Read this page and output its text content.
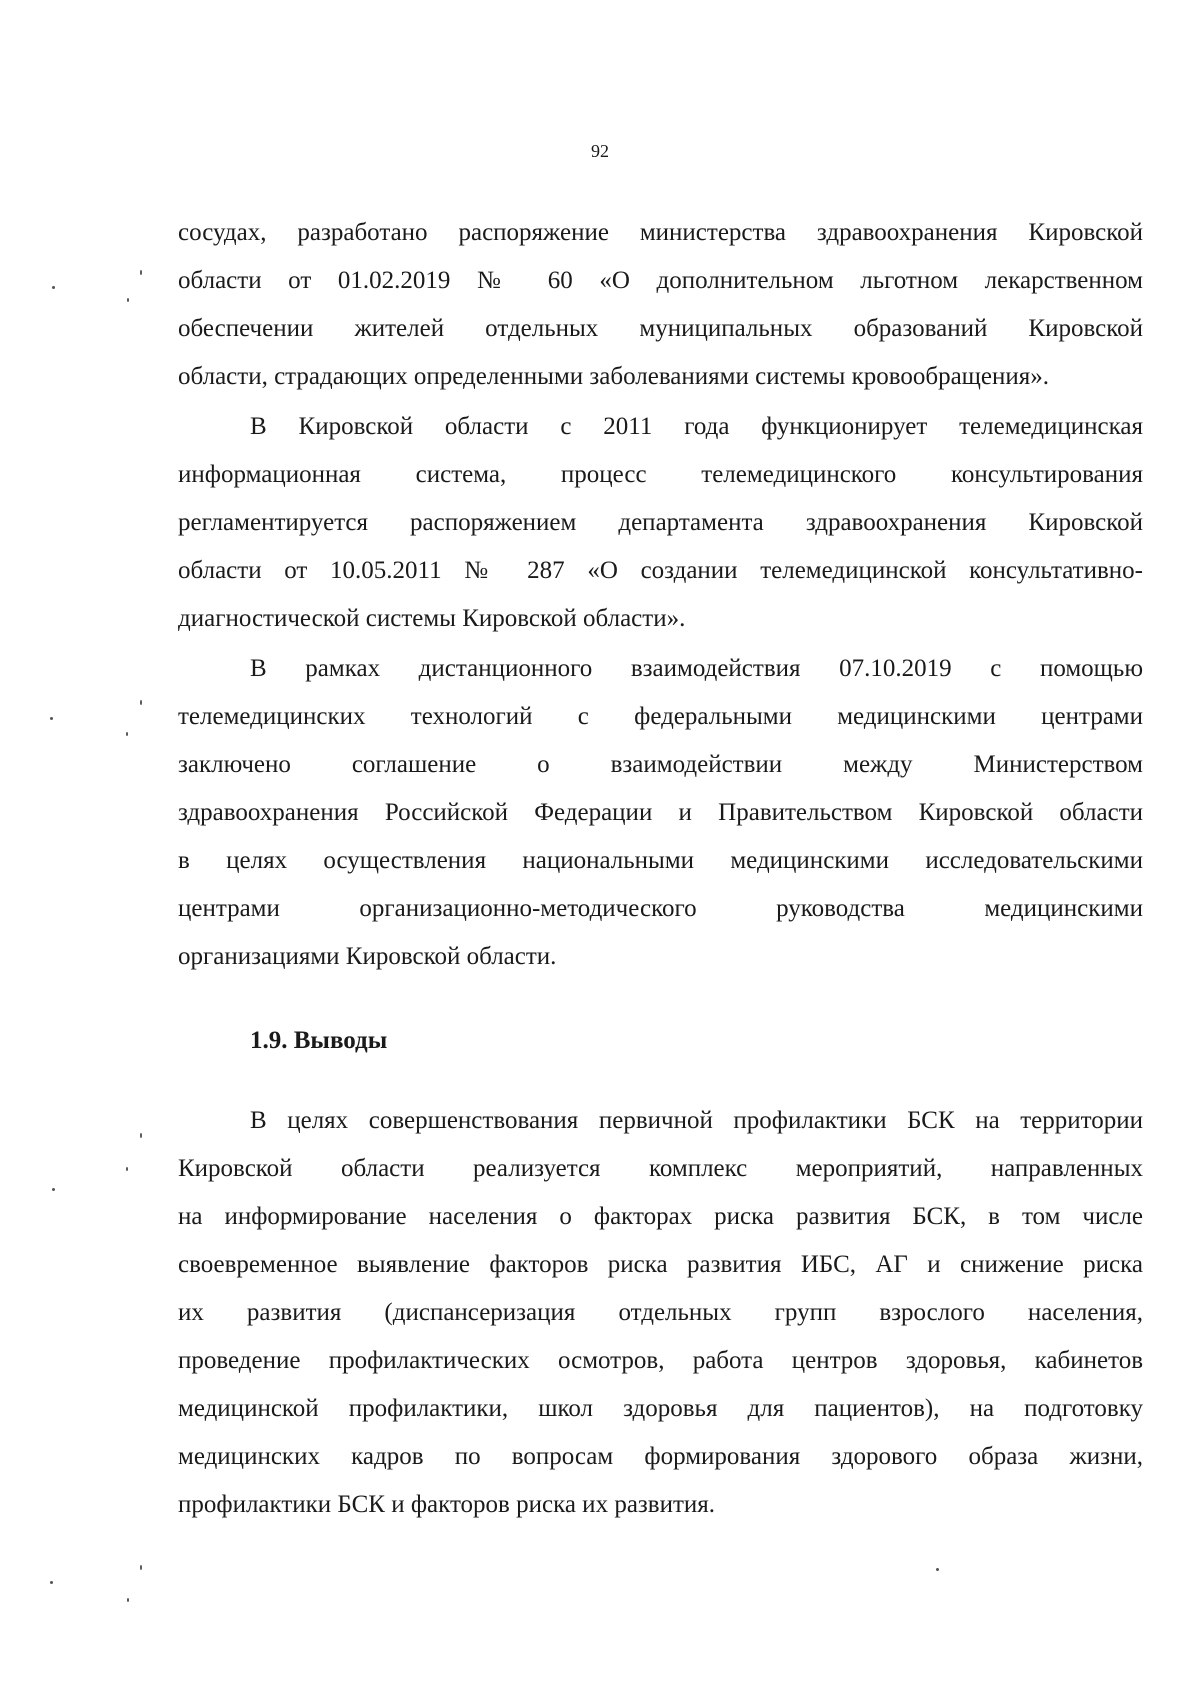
92
сосудах, разработано распоряжение министерства здравоохранения Кировской
области от 01.02.2019 № 60 «О дополнительном льготном лекарственном
обеспечении жителей отдельных муниципальных образований Кировской
области, страдающих определенными заболеваниями системы кровообращения».
В Кировской области с 2011 года функционирует телемедицинская
информационная система, процесс телемедицинского консультирования
регламентируется распоряжением департамента здравоохранения Кировской
области от 10.05.2011 № 287 «О создании телемедицинской консультативно-
диагностической системы Кировской области».
В рамках дистанционного взаимодействия 07.10.2019 с помощью
телемедицинских технологий с федеральными медицинскими центрами
заключено соглашение о взаимодействии между Министерством
здравоохранения Российской Федерации и Правительством Кировской области
в целях осуществления национальными медицинскими исследовательскими
центрами организационно-методического руководства медицинскими
организациями Кировской области.
1.9. Выводы
В целях совершенствования первичной профилактики БСК на территории
Кировской области реализуется комплекс мероприятий, направленных
на информирование населения о факторах риска развития БСК, в том числе
своевременное выявление факторов риска развития ИБС, АГ и снижение риска
их развития (диспансеризация отдельных групп взрослого населения,
проведение профилактических осмотров, работа центров здоровья, кабинетов
медицинской профилактики, школ здоровья для пациентов), на подготовку
медицинских кадров по вопросам формирования здорового образа жизни,
профилактики БСК и факторов риска их развития.
